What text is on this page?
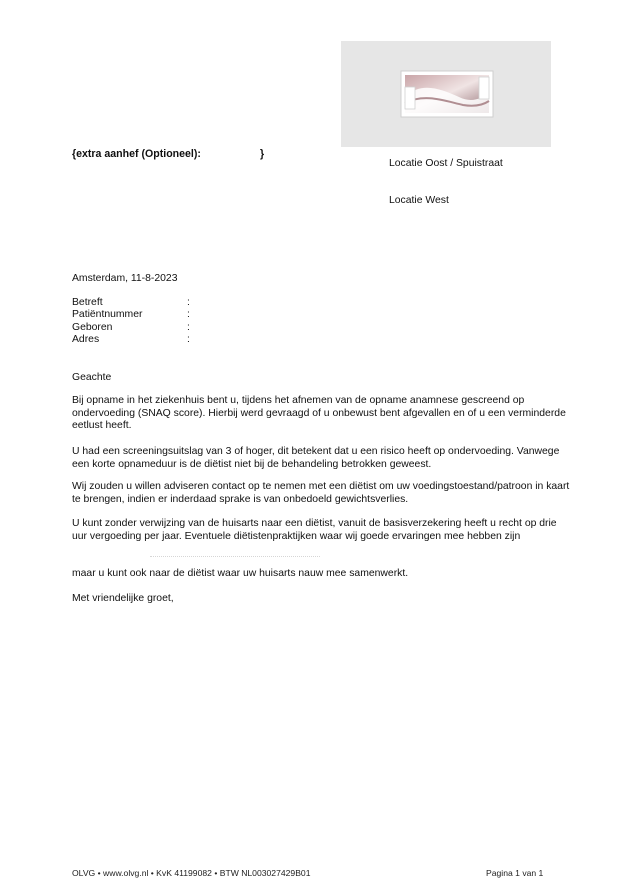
{extra aanhef (Optioneel):	}
Locatie Oost / Spuistraat
Locatie West
Amsterdam, 11-8-2023
Betreft	:
Patiëntnummer	:
Geboren	:
Adres	:
Geachte
Bij opname in het ziekenhuis bent u, tijdens het afnemen van de opname anamnese gescreend op ondervoeding (SNAQ score). Hierbij werd gevraagd of u onbewust bent afgevallen en of u een verminderde eetlust heeft.
U had een screeningsuitslag van 3 of hoger, dit betekent dat u een risico heeft op ondervoeding. Vanwege een korte opnameduur is de diëtist niet bij de behandeling betrokken geweest.
Wij zouden u willen adviseren contact op te nemen met een diëtist om uw voedingstoestand/patroon in kaart te brengen, indien er inderdaad sprake is van onbedoeld gewichtsverlies.
U kunt zonder verwijzing van de huisarts naar een diëtist, vanuit de basisverzekering heeft u recht op drie uur vergoeding per jaar. Eventuele diëtistenpraktijken waar wij goede ervaringen mee hebben zijn
maar u kunt ook naar de diëtist waar uw huisarts nauw mee samenwerkt.
Met vriendelijke groet,
OLVG • www.olvg.nl • KvK 41199082 • BTW NL003027429B01	Pagina 1 van 1
